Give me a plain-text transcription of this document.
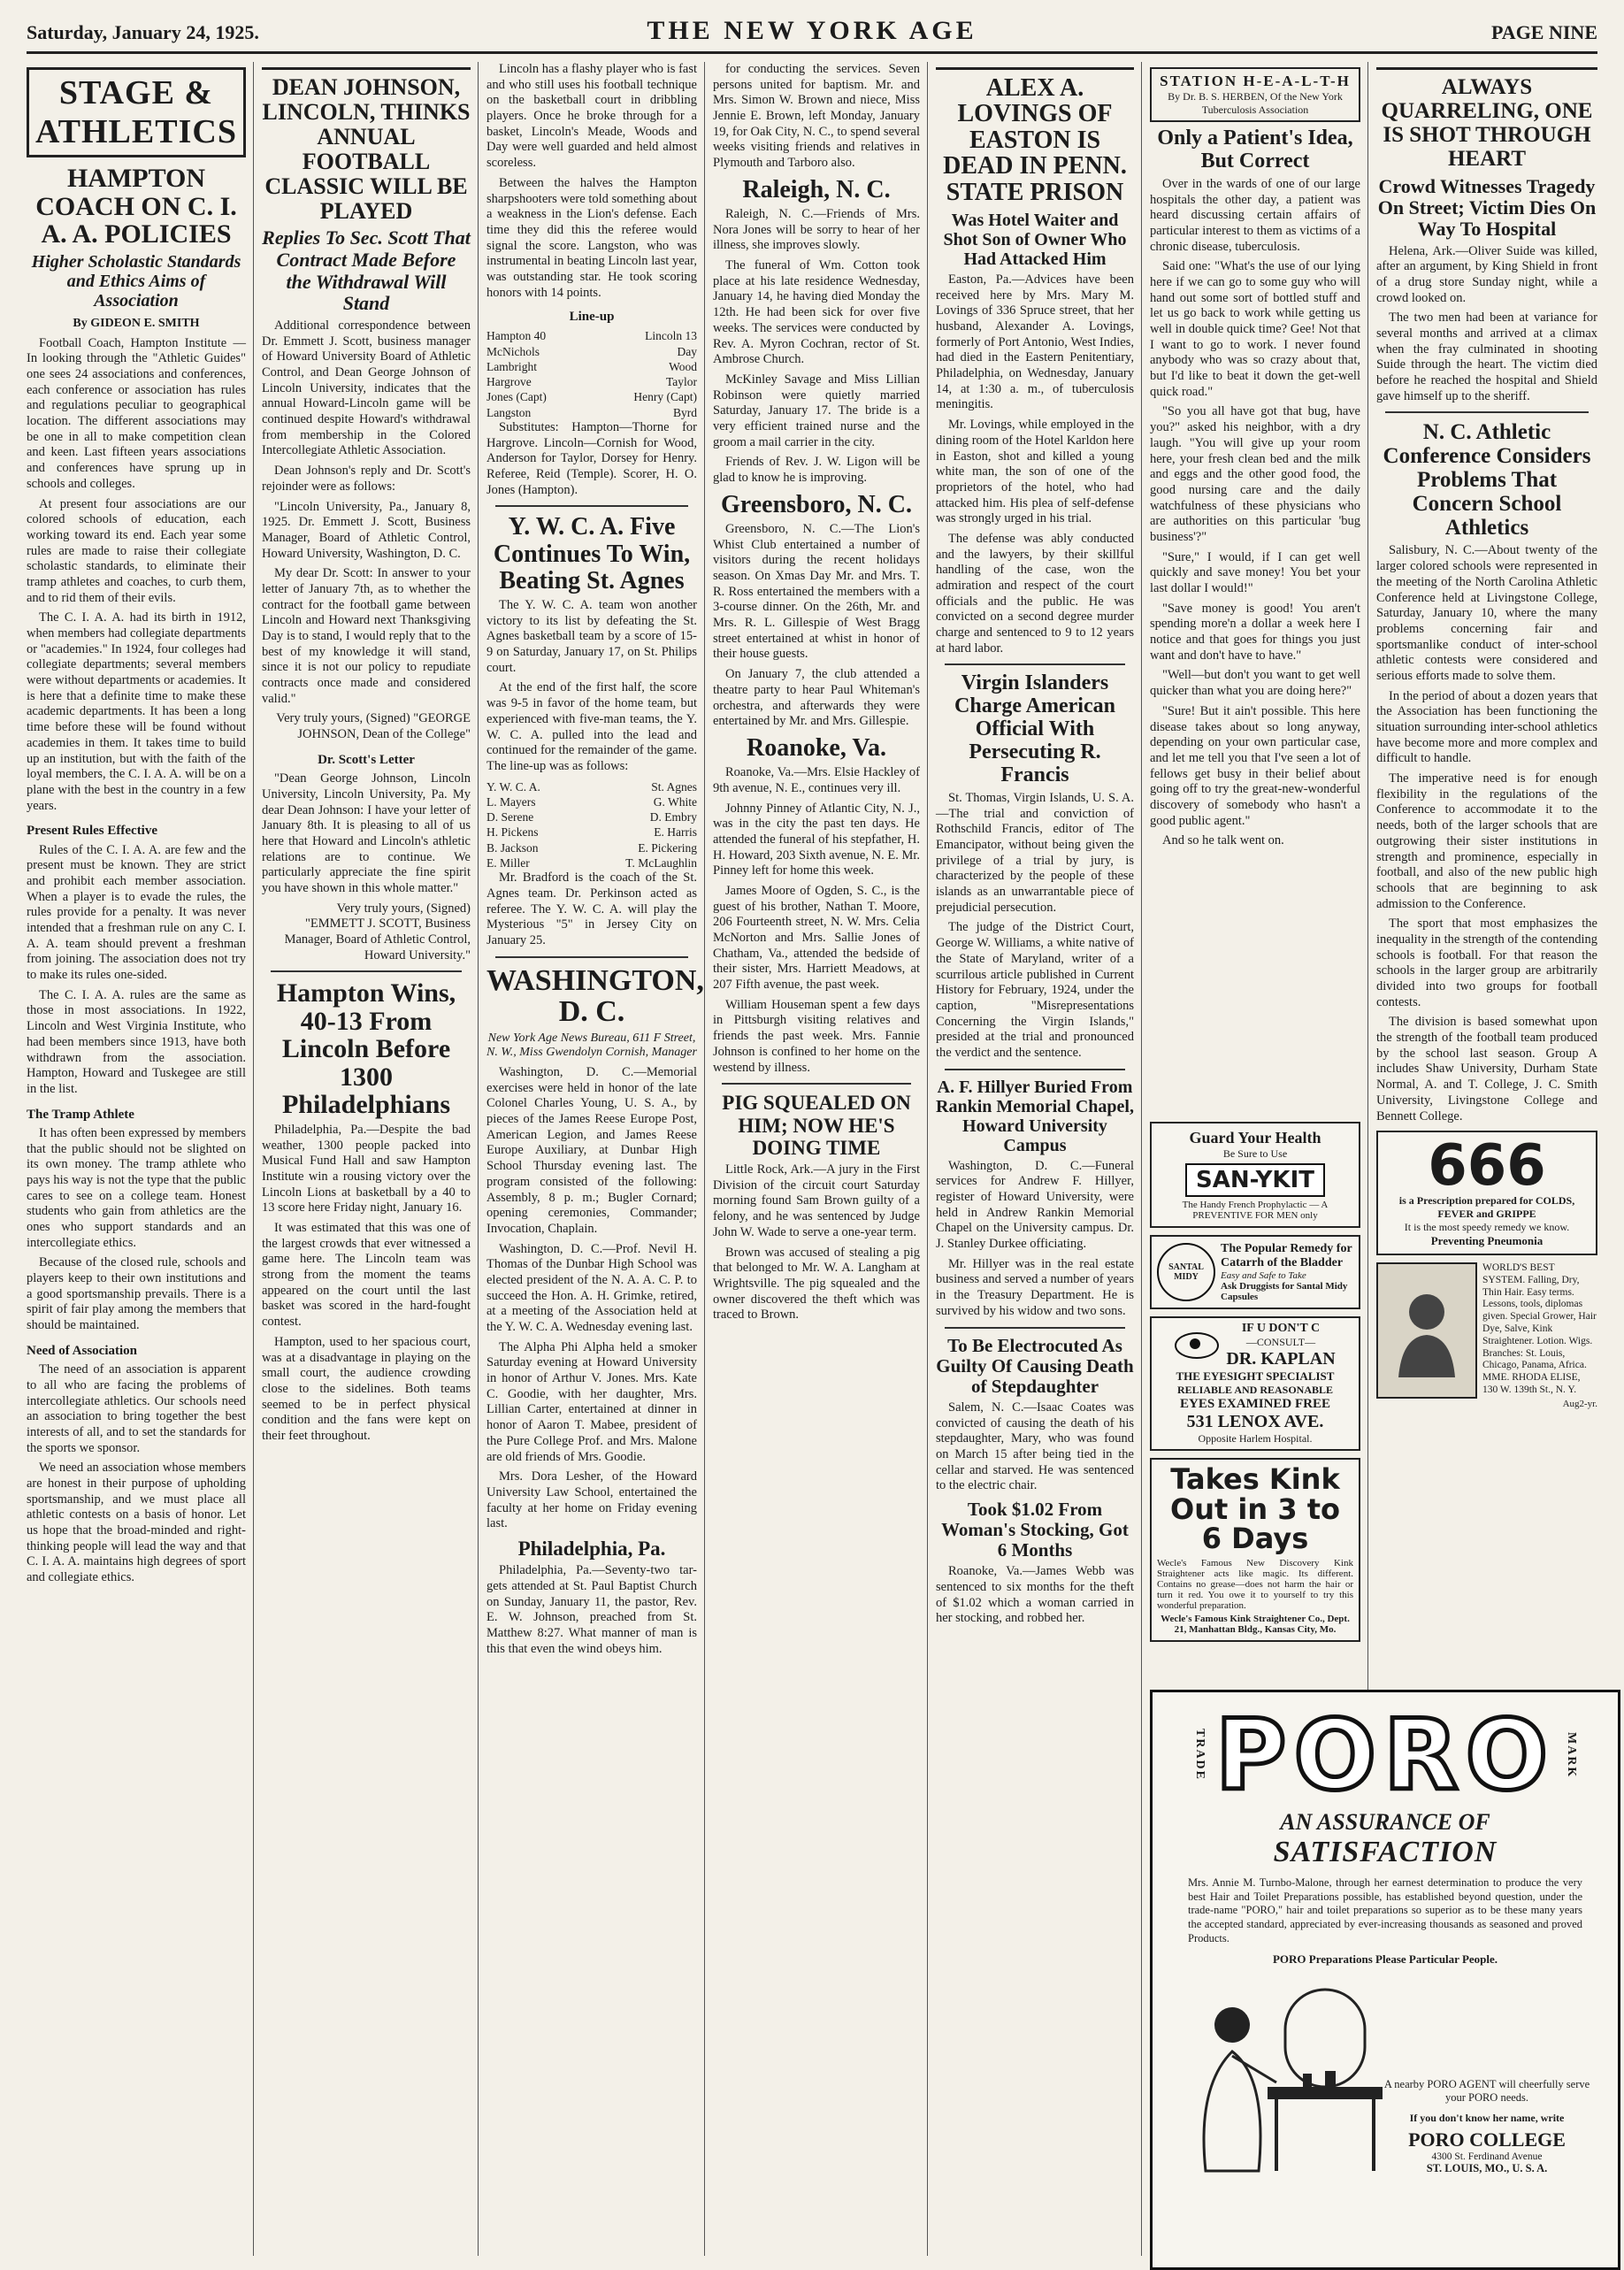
Saturday, January 24, 1925.	THE NEW YORK AGE	PAGE NINE
STAGE & ATHLETICS
HAMPTON COACH ON C. I. A. A. POLICIES
Higher Scholastic Standards and Ethics Aims of Association
By GIDEON E. SMITH

Football Coach, Hampton Institute — In looking through the "Athletic Guides" one sees 24 associations and conferences, each conference or association has rules and regulations peculiar to geographical location. The different associations may be one in all to make competition clean and keen. Last fifteen years associations and conferences have sprung up in schools and colleges.

At present four associations are our colored schools of education, each working toward its end. Each year some rules are made to raise their collegiate scholastic standards, to eliminate their tramp athletes and coaches, to curb them, and to rid them of their evils.

The C. I. A. A. had its birth in 1912, when members had collegiate departments or "academies." In 1924, four colleges had collegiate departments; several members were without departments or academies. It is here that a definite time to make these academic departments. It has been a long time before these will be found without academies in them. It takes time to build up an institution, but with the faith of the loyal members, the C. I. A. A. will be on a plane with the best in the country in a few years.

Present Rules Effective

Rules of the C. I. A. A. are few and the present must be known. They are strict and prohibit each member association. When a player is to evade the rules, the rules provide for a penalty. It was never intended that a freshman rule on any C. I. A. A. team should prevent a freshman from joining. The association does not try to make its rules one-sided.

The C. I. A. A. rules are the same as those in most associations. In 1922, Lincoln and West Virginia Institute, who had been members since 1913, have both withdrawn from the association. Hampton, Howard and Tuskegee are still in the list.

The Tramp Athlete

It has often been expressed by members that the public should not be slighted on its own money. The tramp athlete who pays his way is not the type that the public cares to see on a college team. Honest students who gain from athletics are the ones who support standards and an intercollegiate ethics.

Because of the closed rule, schools and players keep to their own institutions and a good sportsmanship prevails. There is a spirit of fair play among the members that should be maintained.

Need of Association

The need of an association is apparent to all who are facing the problems of intercollegiate athletics. Our schools need an association to bring together the best interests of all, and to set the standards for the sports we sponsor.

We need an association whose members are honest in their purpose of upholding sportsmanship, and we must place all athletic contests on a basis of honor. Let us hope that the broad-minded and right-thinking people will lead the way and that C. I. A. A. maintains high degrees of sport and collegiate ethics.

DEAN JOHNSON, LINCOLN, THINKS ANNUAL FOOTBALL CLASSIC WILL BE PLAYED
Replies To Sec. Scott That Contract Made Before the Withdrawal Will Stand

Additional correspondence between Dr. Emmett J. Scott, business manager of Howard University Board of Athletic Control, and Dean George Johnson of Lincoln University, indicates that the annual Howard-Lincoln game will be continued despite Howard's withdrawal from membership in the Colored Intercollegiate Athletic Association.

Dean Johnson's reply and Dr. Scott's rejoinder were as follows:

"Lincoln University, Pa., January 8, 1925. Dr. Emmett J. Scott, Business Manager, Board of Athletic Control, Howard University, Washington, D. C.

My dear Dr. Scott: In answer to your letter of January 7th, as to whether the contract for the football game between Lincoln and Howard next Thanksgiving Day is to stand, I would reply that to the best of my knowledge it will stand, since it is not our policy to repudiate contracts once made and considered valid."

Very truly yours, (Signed) "GEORGE JOHNSON, Dean of the College"

Dr. Scott's Letter

"Dean George Johnson, Lincoln University, Lincoln University, Pa. My dear Dean Johnson: I have your letter of January 8th. It is pleasing to all of us here that Howard and Lincoln's athletic relations are to continue. We particularly appreciate the fine spirit you have shown in this whole matter."

Very truly yours, (Signed) "EMMETT J. SCOTT, Business Manager, Board of Athletic Control, Howard University."

Hampton Wins, 40-13 From Lincoln Before 1300 Philadelphians

Philadelphia, Pa.—Despite the bad weather, 1300 people packed into Musical Fund Hall and saw Hampton Institute win a rousing victory over the Lincoln Lions at basketball by a 40 to 13 score here Friday night, January 16.

It was estimated that this was one of the largest crowds that ever witnessed a game here. The Lincoln team was strong from the moment the teams appeared on the court until the last basket was scored in the hard-fought contest.

Hampton, used to her spacious court, was at a disadvantage in playing on the small court, the audience crowding close to the sidelines. Both teams seemed to be in perfect physical condition and the fans were kept on their feet throughout.

Lincoln has a flashy player who is fast and who still uses his football technique on the basketball court in dribbling players. Once he broke through for a basket, Lincoln's Meade, Woods and Day were well guarded and held almost scoreless.

Between the halves the Hampton sharpshooters were told something about a weakness in the Lion's defense. Each time they did this the referee would signal the score. Langston, who was instrumental in beating Lincoln last year, was outstanding star. He took scoring honors with 14 points.

Line-up
Hampton 40	Lincoln 13
McNichols	Day
Lambright	Wood
Hargrove	Taylor
Jones (Capt)	Henry (Capt)
Langston	Byrd

Substitutes: Hampton—Thorne for Hargrove. Lincoln—Cornish for Wood, Anderson for Taylor, Dorsey for Henry. Referee, Reid (Temple). Scorer, H. O. Jones (Hampton).

Y. W. C. A. Five Continues To Win, Beating St. Agnes

The Y. W. C. A. team won another victory to its list by defeating the St. Agnes basketball team by a score of 15-9 on Saturday, January 17, on St. Philips court.

At the end of the first half, the score was 9-5 in favor of the home team, but experienced with five-man teams, the Y. W. C. A. pulled into the lead and continued for the remainder of the game. The line-up was as follows:

Y. W. C. A.	St. Agnes
L. Mayers	G. White
D. Serene	D. Embry
H. Pickens	E. Harris
B. Jackson	E. Pickering
E. Miller	T. McLaughlin

Mr. Bradford is the coach of the St. Agnes team. Dr. Perkinson acted as referee. The Y. W. C. A. will play the Mysterious "5" in Jersey City on January 25.

WASHINGTON, D. C.
New York Age News Bureau, 611 F Street, N. W., Miss Gwendolyn Cornish, Manager

Washington, D. C.—Memorial exercises were held in honor of the late Colonel Charles Young, U. S. A., by pieces of the James Reese Europe Post, American Legion, and James Reese Europe Auxiliary, at Dunbar High School Thursday evening last. The program consisted of the following: Assembly, 8 p. m.; Bugler Cornard; opening ceremonies, Commander; Invocation, Chaplain.

Washington, D. C.—Prof. Nevil H. Thomas of the Dunbar High School was elected president of the N. A. A. C. P. to succeed the Hon. A. H. Grimke, retired, at a meeting of the Association held at the Y. W. C. A. Wednesday evening last.

The Alpha Phi Alpha held a smoker Saturday evening at Howard University in honor of Arthur V. Jones. Mrs. Kate C. Goodie, with her daughter, Mrs. Lillian Carter, entertained at dinner in honor of Aaron T. Mabee, president of the Pure College Prof. and Mrs. Malone are old friends of Mrs. Goodie.

Mrs. Dora Lesher, of the Howard University Law School, entertained the faculty at her home on Friday evening last.

Philadelphia, Pa.

Philadelphia, Pa.—Seventy-two tar-gets attended at St. Paul Baptist Church on Sunday, January 11, the pastor, Rev. E. W. Johnson, preached from St. Matthew 8:27. What manner of man is this that even the wind obeys him.

for conducting the services. Seven persons united for baptism. Mr. and Mrs. Simon W. Brown and niece, Miss Jennie E. Brown, left Monday, January 19, for Oak City, N. C., to spend several weeks visiting friends and relatives in Plymouth and Tarboro also.

Raleigh, N. C.

Raleigh, N. C.—Friends of Mrs. Nora Jones will be sorry to hear of her illness, she improves slowly.

The funeral of Wm. Cotton took place at his late residence Wednesday, January 14, he having died Monday the 12th. He had been sick for over five weeks. The services were conducted by Rev. A. Myron Cochran, rector of St. Ambrose Church.

McKinley Savage and Miss Lillian Robinson were quietly married Saturday, January 17. The bride is a very efficient trained nurse and the groom a mail carrier in the city.

Friends of Rev. J. W. Ligon will be glad to know he is improving.

Greensboro, N. C.

Greensboro, N. C.—The Lion's Whist Club entertained a number of visitors during the recent holidays season. On Xmas Day Mr. and Mrs. T. R. Ross entertained the members with a 3-course dinner. On the 26th, Mr. and Mrs. R. L. Gillespie of West Bragg street entertained at whist in honor of their house guests.

On January 7, the club attended a theatre party to hear Paul Whiteman's orchestra, and afterwards they were entertained by Mr. and Mrs. Gillespie.

Roanoke, Va.

Roanoke, Va.—Mrs. Elsie Hackley of 9th avenue, N. E., continues very ill.

Johnny Pinney of Atlantic City, N. J., was in the city the past ten days. He attended the funeral of his stepfather, H. H. Howard, 203 Sixth avenue, N. E. Mr. Pinney left for home this week.

James Moore of Ogden, S. C., is the guest of his brother, Nathan T. Moore, 206 Fourteenth street, N. W. Mrs. Celia McNorton and Mrs. Sallie Jones of Chatham, Va., attended the bedside of their sister, Mrs. Harriett Meadows, at 207 Fifth avenue, the past week.

William Houseman spent a few days in Pittsburgh visiting relatives and friends the past week. Mrs. Fannie Johnson is confined to her home on the westend by illness.

PIG SQUEALED ON HIM; NOW HE'S DOING TIME

Little Rock, Ark.—A jury in the First Division of the circuit court Saturday morning found Sam Brown guilty of a felony, and he was sentenced by Judge John W. Wade to serve a one-year term.

Brown was accused of stealing a pig that belonged to Mr. W. A. Langham at Wrightsville. The pig squealed and the owner discovered the theft which was traced to Brown.

ALEX A. LOVINGS OF EASTON IS DEAD IN PENN. STATE PRISON
Was Hotel Waiter and Shot Son of Owner Who Had Attacked Him

Easton, Pa.—Advices have been received here by Mrs. Mary M. Lovings of 336 Spruce street, that her husband, Alexander A. Lovings, formerly of Port Antonio, West Indies, had died in the Eastern Penitentiary, Philadelphia, on Wednesday, January 14, at 1:30 a. m., of tuberculosis meningitis.

Mr. Lovings, while employed in the dining room of the Hotel Karldon here in Easton, shot and killed a young white man, the son of one of the proprietors of the hotel, who had attacked him. His plea of self-defense was strongly urged in his trial.

The defense was ably conducted and the lawyers, by their skillful handling of the case, won the admiration and respect of the court officials and the public. He was convicted on a second degree murder charge and sentenced to 9 to 12 years at hard labor.

Virgin Islanders Charge American Official With Persecuting R. Francis

St. Thomas, Virgin Islands, U. S. A.—The trial and conviction of Rothschild Francis, editor of The Emancipator, without being given the privilege of a trial by jury, is characterized by the people of these islands as an unwarrantable piece of prejudicial persecution.

The judge of the District Court, George W. Williams, a white native of the State of Maryland, writer of a scurrilous article published in Current History for February, 1924, under the caption, "Misrepresentations Concerning the Virgin Islands," presided at the trial and pronounced the verdict and the sentence.

A. F. Hillyer Buried From Rankin Memorial Chapel, Howard University Campus

Washington, D. C.—Funeral services for Andrew F. Hillyer, register of Howard University, were held in Andrew Rankin Memorial Chapel on the University campus. Dr. J. Stanley Durkee officiating.

Mr. Hillyer was in the real estate business and served a number of years in the Treasury Department. He is survived by his widow and two sons.

To Be Electrocuted As Guilty Of Causing Death of Stepdaughter

Salem, N. C.—Isaac Coates was convicted of causing the death of his stepdaughter, Mary, who was found on March 15 after being tied in the cellar and starved. He was sentenced to the electric chair.

Took $1.02 From Woman's Stocking, Got 6 Months

Roanoke, Va.—James Webb was sentenced to six months for the theft of $1.02 which a woman carried in her stocking, and robbed her.

STATION H-E-A-L-T-H
By Dr. B. S. HERBEN, Of the New York Tuberculosis Association
Only a Patient's Idea, But Correct

Over in the wards of one of our large hospitals the other day, a patient was heard discussing certain affairs of particular interest to them as victims of a chronic disease, tuberculosis.

Said one: "What's the use of our lying here if we can go to some guy who will hand out some sort of bottled stuff and let us go back to work while getting us well in double quick time? Gee! Not that I want to go to work. I never found anybody who was so crazy about that, but I'd like to beat it down the get-well quick road."

"So you all have got that bug, have you?" asked his neighbor, with a dry laugh. "You will give up your room here, your fresh clean bed and the milk and eggs and the other good food, the good nursing care and the daily watchfulness of these physicians who are authorities on this particular 'bug business'?"

"Sure," I would, if I can get well quickly and save money! You bet your last dollar I would!"

"Save money is good! You aren't spending more'n a dollar a week here I notice and that goes for things you just want and don't have to have."

"Well—but don't you want to get well quicker than what you are doing here?"

"Sure! But it ain't possible. This here disease takes about so long anyway, depending on your own particular case, and let me tell you that I've seen a lot of fellows get busy in their belief about going off to try the great-new-wonderful discovery of somebody who hasn't a good public agent."

And so he talk went on.

Guard Your Health
Be Sure to Use
SAN-YKIT
The Handy French Prophylactic — A PREVENTIVE FOR MEN only
SANTAL MIDY
The Popular Remedy for Catarrh of the Bladder
Easy and Safe to Take
Ask Druggists for Santal Midy Capsules
IF U DON'T C
—CONSULT—
DR. KAPLAN
THE EYESIGHT SPECIALIST
RELIABLE AND REASONABLE
EYES EXAMINED FREE
531 LENOX AVE.
Opposite Harlem Hospital.
Takes Kink Out in 3 to 6 Days
Wecle's Famous New Discovery Kink Straightener acts like magic. Its different. Contains no grease—does not harm the hair or turn it red. You owe it to yourself to try this wonderful preparation.
Wecle's Famous Kink Straightener Co., Dept. 21, Manhattan Bldg., Kansas City, Mo.
ALWAYS QUARRELING, ONE IS SHOT THROUGH HEART
Crowd Witnesses Tragedy On Street; Victim Dies On Way To Hospital

Helena, Ark.—Oliver Suide was killed, after an argument, by King Shield in front of a drug store Sunday night, while a crowd looked on.

The two men had been at variance for several months and arrived at a climax when the fray culminated in shooting Suide through the heart. The victim died before he reached the hospital and Shield gave himself up to the sheriff.

N. C. Athletic Conference Considers Problems That Concern School Athletics

Salisbury, N. C.—About twenty of the larger colored schools were represented in the meeting of the North Carolina Athletic Conference held at Livingstone College, Saturday, January 10, where the many problems concerning fair and sportsmanlike conduct of inter-school athletic contests were considered and serious efforts made to solve them.

In the period of about a dozen years that the Association has been functioning the situation surrounding inter-school athletics have become more and more complex and difficult to handle.

The imperative need is for enough flexibility in the regulations of the Conference to accommodate it to the needs, both of the larger schools that are outgrowing their sister institutions in strength and prominence, especially in football, and also of the new public high schools that are beginning to ask admission to the Conference.

The sport that most emphasizes the inequality in the strength of the contending schools is football. For that reason the schools in the larger group are arbitrarily divided into two groups for football contests.

The division is based somewhat upon the strength of the football team produced by the school last season. Group A includes Shaw University, Durham State Normal, A. and T. College, J. C. Smith University, Livingstone College and Bennett College.

666
is a Prescription prepared for COLDS, FEVER and GRIPPE
It is the most speedy remedy we know.
Preventing Pneumonia
WORLD'S BEST SYSTEM. Falling, Dry, Thin Hair. Easy terms. Lessons, tools, diplomas given. Special Grower, Hair Dye, Salve, Kink Straightener. Lotion. Wigs. Branches: St. Louis, Chicago, Panama, Africa. MME. RHODA ELISE, 130 W. 139th St., N. Y.
Aug2-yr.
TRADE PORO MARK
AN ASSURANCE OF
SATISFACTION
Mrs. Annie M. Turnbo-Malone, through her earnest determination to produce the very best Hair and Toilet Preparations possible, has established beyond question, under the trade-name "PORO," hair and toilet preparations so superior as to be these many years the accepted standard, appreciated by ever-increasing thousands as seasoned and proved Products.
PORO Preparations Please Particular People.
A nearby PORO AGENT will cheerfully serve your PORO needs.
If you don't know her name, write
PORO COLLEGE
4300 St. Ferdinand Avenue
ST. LOUIS, MO., U. S. A.
